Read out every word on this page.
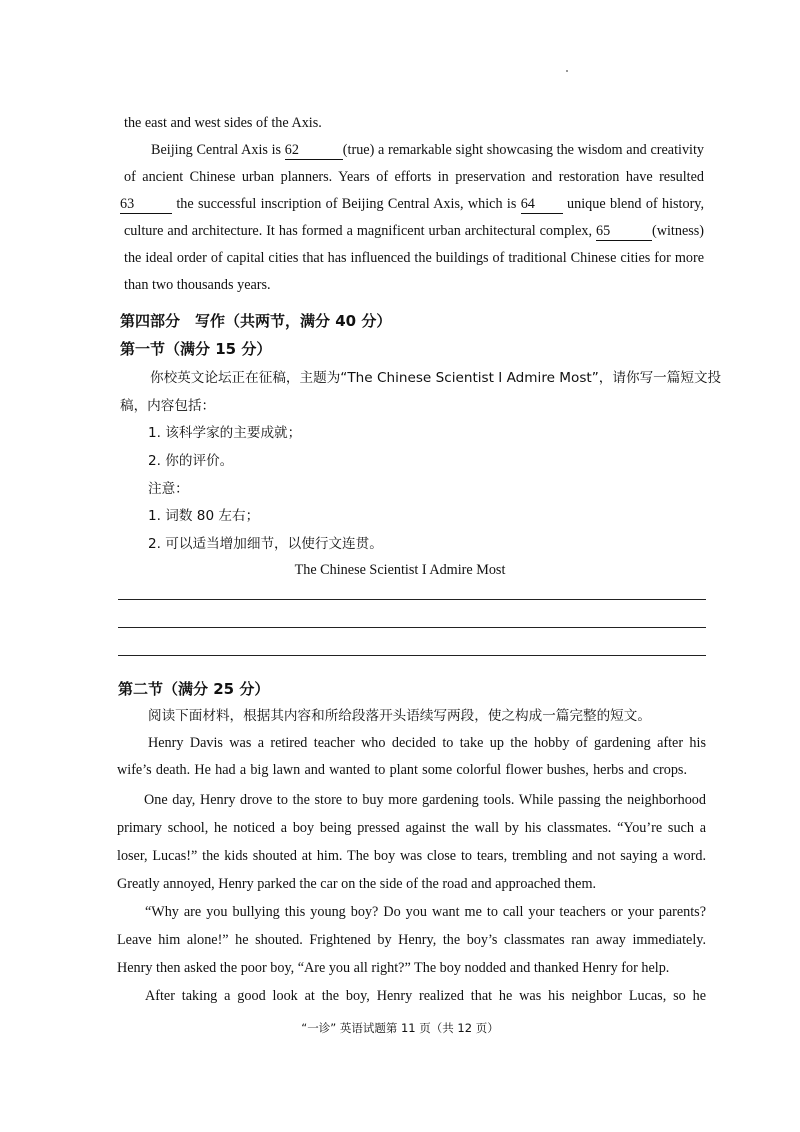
the east and west sides of the Axis.

Beijing Central Axis is 62	(true) a remarkable sight showcasing the wisdom and creativity

of ancient Chinese urban planners. Years of efforts in preservation and restoration have resulted

63	the successful inscription of Beijing Central Axis, which is 64 unique blend of history,

culture and architecture. It has formed a magnificent urban architectural complex, 65	(witness)

the ideal order of capital cities that has influenced the buildings of traditional Chinese cities for more

than two thousands years.

第四部分　写作（共两节，满分 40 分）

第一节（满分 15 分）

你校英文论坛正在征稿，主题为“The Chinese Scientist I Admire Most”，请你写一篇短文投

稿，内容包括：

1. 该科学家的主要成就；

2. 你的评价。

注意：

1. 词数 80 左右；

2. 可以适当增加细节，以使行文连贯。

The Chinese Scientist I Admire Most

第二节（满分 25 分）

阅读下面材料，根据其内容和所给段落开头语续写两段，使之构成一篇完整的短文。

Henry Davis was a retired teacher who decided to take up the hobby of gardening after his

wife’s death. He had a big lawn and wanted to plant some colorful flower bushes, herbs and crops.

One day, Henry drove to the store to buy more gardening tools. While passing the neighborhood

primary school, he noticed a boy being pressed against the wall by his classmates. “You’re such a

loser, Lucas!” the kids shouted at him. The boy was close to tears, trembling and not saying a word.

Greatly annoyed, Henry parked the car on the side of the road and approached them.

“Why are you bullying this young boy? Do you want me to call your teachers or your parents?

Leave him alone!” he shouted. Frightened by Henry, the boy’s classmates ran away immediately.

Henry then asked the poor boy, “Are you all right?” The boy nodded and thanked Henry for help.

After taking a good look at the boy, Henry realized that he was his neighbor Lucas, so he

“一诊” 英语试题第 11 页（共 12 页）
